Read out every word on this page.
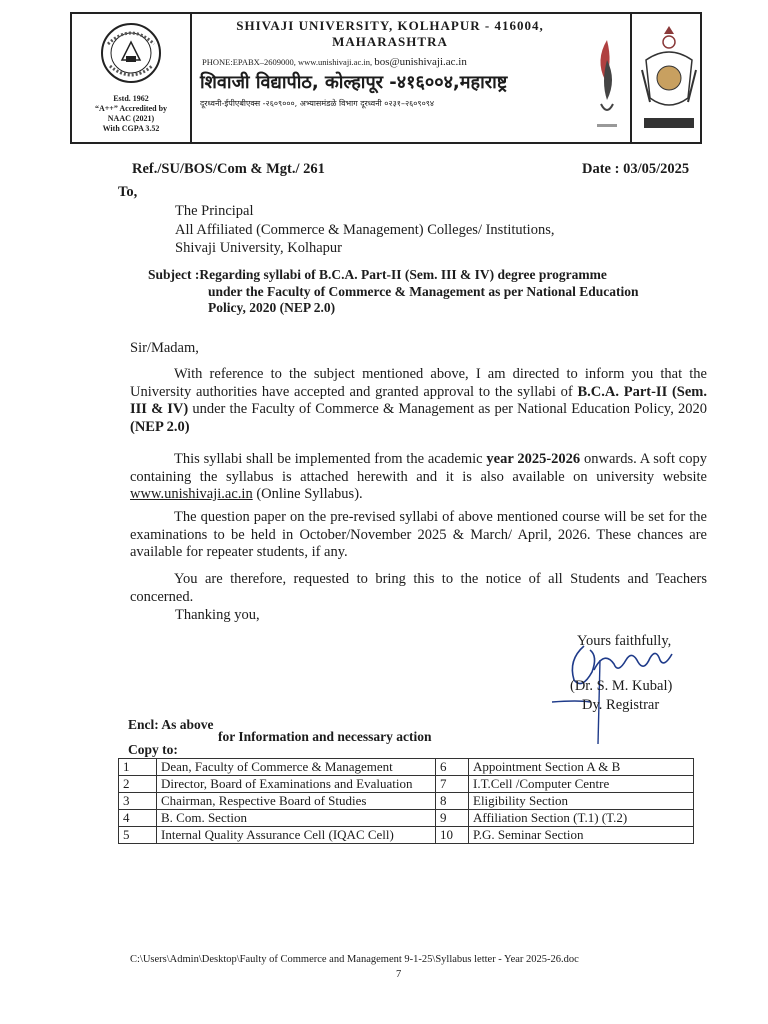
Estd. 1962
“A++” Accredited by
NAAC (2021)
With CGPA 3.52
SHIVAJI UNIVERSITY, KOLHAPUR - 416004,
MAHARASHTRA
PHONE:EPABX–2609000, www.unishivaji.ac.in, bos@unishivaji.ac.in
शिवाजी विद्यापीठ, कोल्हापूर -४१६००४,महाराष्ट्र
दूरध्वनी-ईपीएबीएक्स -२६०९०००, अभ्यासमंडळे विभाग दूरध्वनी ०२३१–२६०९०९४
Ref./SU/BOS/Com & Mgt./ 261	Date : 03/05/2025
To,
The Principal
All Affiliated (Commerce & Management) Colleges/ Institutions,
Shivaji University, Kolhapur
Subject :Regarding syllabi of B.C.A. Part-II (Sem. III & IV) degree programme
under the Faculty of Commerce & Management as per National Education
Policy, 2020 (NEP 2.0)
Sir/Madam,
With reference to the subject mentioned above, I am directed to inform you that the University authorities have accepted and granted approval to the syllabi of B.C.A. Part-II (Sem. III & IV) under the Faculty of Commerce & Management as per National Education Policy, 2020 (NEP 2.0)
This syllabi shall be implemented from the academic year 2025-2026 onwards. A soft copy containing the syllabus is attached herewith and it is also available on university website www.unishivaji.ac.in (Online Syllabus).
The question paper on the pre-revised syllabi of above mentioned course will be set for the examinations to be held in October/November 2025 & March/ April, 2026. These chances are available for repeater students, if any.
You are therefore, requested to bring this to the notice of all Students and Teachers concerned.
Thanking you,
Yours faithfully,
(Dr. S. M. Kubal)
Dy. Registrar
Encl: As above
for Information and necessary action
Copy to:
1	Dean, Faculty of Commerce & Management	6	Appointment Section A & B
2	Director, Board of Examinations and Evaluation	7	I.T.Cell /Computer Centre
3	Chairman, Respective Board of Studies	8	Eligibility Section
4	B. Com. Section	9	Affiliation Section (T.1) (T.2)
5	Internal Quality Assurance Cell (IQAC Cell)	10	P.G. Seminar Section
C:\Users\Admin\Desktop\Faulty of Commerce and Management 9-1-25\Syllabus letter - Year 2025-26.doc
7
